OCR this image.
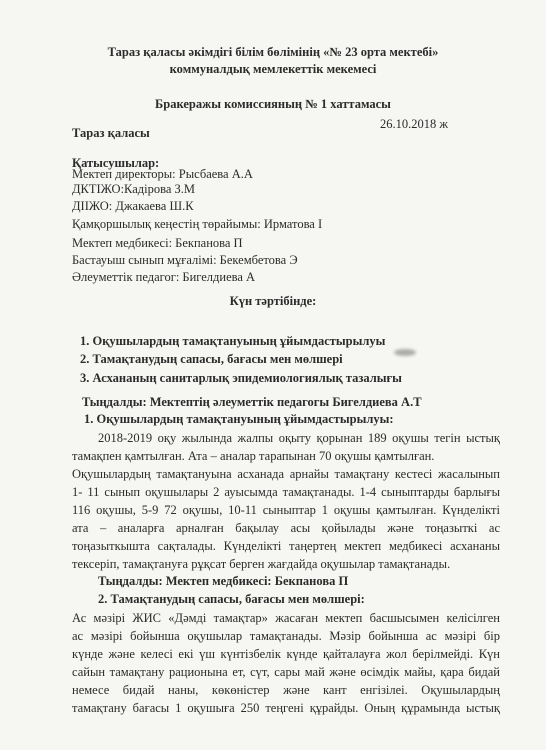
Тараз қаласы әкімдігі білім бөлімінің «№ 23 орта мектебі»
коммуналдық мемлекеттік мекемесі
Бракеражы комиссияның № 1 хаттамасы
Тараз қаласы
26.10.2018 ж
Қатысушылар:
Мектеп директоры: Рысбаева А.А
ДКТІЖО:Кадірова З.М
ДІІЖО: Джакаева Ш.К
Қамқоршылық кеңестің төрайымы: Ирматова І
Мектеп медбикесі: Бекпанова П
Бастауыш сынып мұғалімі: Бекембетова Э
Әлеуметтік педагог: Бигелдиева А
Күн тәртібінде:
1. Оқушылардың тамақтануының ұйымдастырылуы
2. Тамақтанудың сапасы, бағасы мен мөлшері
3. Асхананың санитарлық эпидемиологиялық тазалығы
Тыңдалды: Мектептің әлеуметтік педагогы Бигелдиева А.Т
1. Оқушылардың тамақтануының ұйымдастырылуы:
2018-2019 оқу жылында жалпы оқыту қорынан 189 оқушы тегін ыстық
тамақпен қамтылған. Ата – аналар тарапынан 70 оқушы қамтылған.
Оқушылардың тамақтануына асханада арнайы тамақтану кестесі жасалынып
1- 11 сынып оқушылары 2 ауысымда тамақтанады. 1-4 сыныптарды барлығы
116 оқушы, 5-9 72 оқушы, 10-11 сыныптар 1 оқушы қамтылған. Күнделікті
ата – аналарға арналған бақылау асы қойылады және тоңазыткі ас
тоңазыткышта сақталады. Күнделікті таңертең мектеп медбикесі асхананы
тексеріп, тамақтануға рұқсат берген жағдайда оқушылар тамақтанады.
Тыңдалды: Мектеп медбикесі: Бекпанова П
2. Тамақтанудың сапасы, бағасы мен мөлшері:
Ас мәзірі ЖИС «Дәмді тамақтар» жасаған мектеп басшысымен келісілген
ас мәзірі бойынша оқушылар тамақтанады. Мәзір бойынша ас мәзірі бір
күнде және келесі екі үш күнтізбелік күнде қайталауға жол берілмейді. Күн
сайын тамақтану рационына ет, сүт, сары май және өсімдік майы, қара бидай
немесе бидай наны, көкөністер және кант енгізілеі. Оқушылардың
тамақтану бағасы 1 оқушыға 250 теңгені құрайды. Оның құрамында ыстық
